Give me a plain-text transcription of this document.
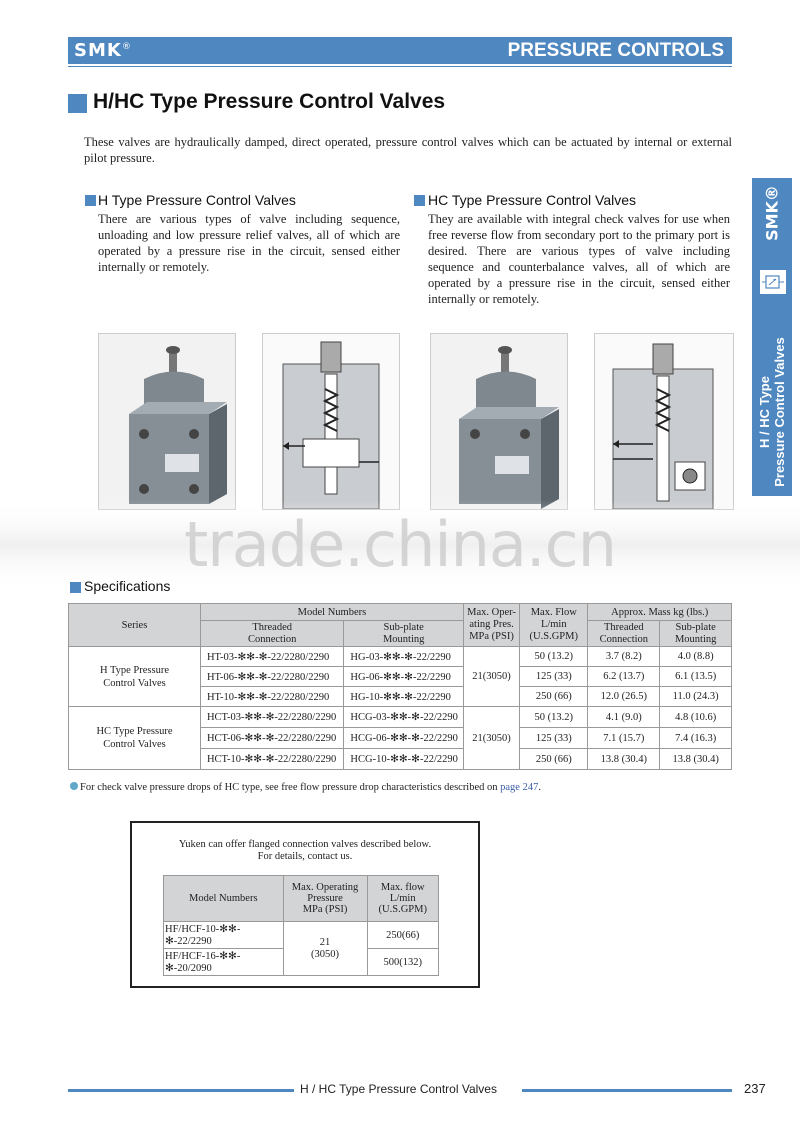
SMK®	PRESSURE CONTROLS
H/HC Type Pressure Control Valves
These valves are hydraulically damped, direct operated, pressure control valves which can be actuated by internal or external pilot pressure.
H Type Pressure Control Valves
There are various types of valve including sequence, unloading and low pressure relief valves, all of which are operated by a pressure rise in the circuit, sensed either internally or remotely.
HC Type Pressure Control Valves
They are available with integral check valves for use when free reverse flow from secondary port to the primary port is desired. There are various types of valve including sequence and counterbalance valves, all of which are operated by a pressure rise in the circuit, sensed either internally or remotely.
SMK®
H / HC Type
Pressure Control Valves
trade.china.cn
Specifications
Series	Model Numbers		Max. Oper-
ating Pres.
MPa (PSI)	Max. Flow
L/min
(U.S.GPM)	Approx. Mass kg (lbs.)	
	Threaded
Connection	Sub-plate
Mounting			Threaded
Connection	Sub-plate
Mounting
H Type Pressure
Control Valves	HT-03-✻✻-✻-22/2280/2290	HG-03-✻✻-✻-22/2290	21(3050)	50 (13.2)	3.7 (8.2)	4.0 (8.8)
	HT-06-✻✻-✻-22/2280/2290	HG-06-✻✻-✻-22/2290		125 (33)	6.2 (13.7)	6.1 (13.5)
	HT-10-✻✻-✻-22/2280/2290	HG-10-✻✻-✻-22/2290		250 (66)	12.0 (26.5)	11.0 (24.3)
HC Type Pressure
Control Valves	HCT-03-✻✻-✻-22/2280/2290	HCG-03-✻✻-✻-22/2290	21(3050)	50 (13.2)	4.1 (9.0)	4.8 (10.6)
	HCT-06-✻✻-✻-22/2280/2290	HCG-06-✻✻-✻-22/2290		125 (33)	7.1 (15.7)	7.4 (16.3)
	HCT-10-✻✻-✻-22/2280/2290	HCG-10-✻✻-✻-22/2290		250 (66)	13.8 (30.4)	13.8 (30.4)
For check valve pressure drops of HC type, see free flow pressure drop characteristics described on page 247.
Yuken can offer flanged connection valves described below.
For details, contact us.
Model Numbers	Max. Operating
Pressure
MPa (PSI)	Max. flow
L/min
(U.S.GPM)
HF/HCF-10-✻✻-✻-22/2290	21
(3050)	250(66)
HF/HCF-16-✻✻-✻-20/2090		500(132)
H / HC Type Pressure Control Valves	237
